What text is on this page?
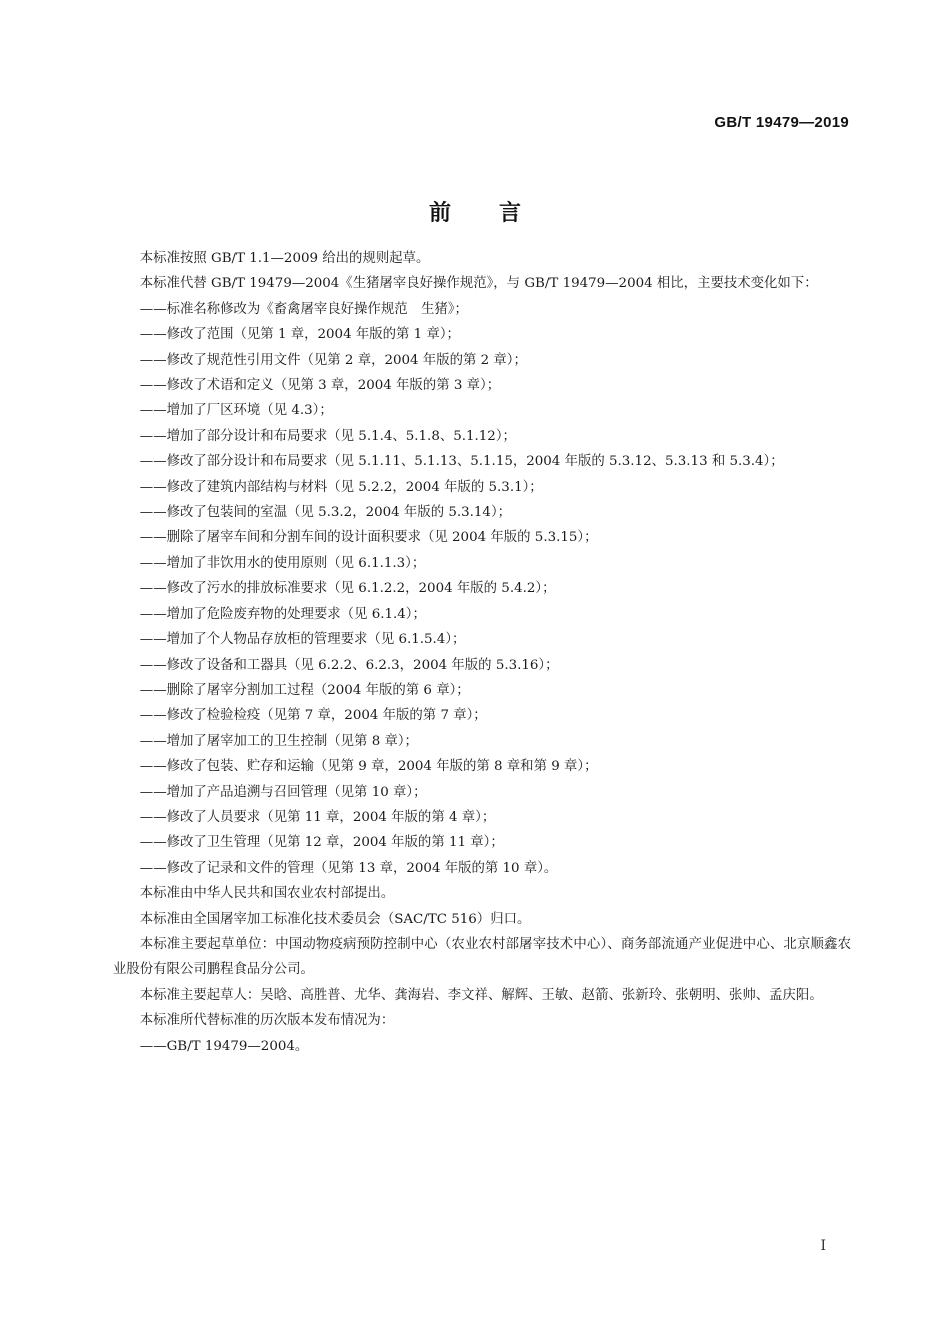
GB/T 19479—2019
前言

本标准按照 GB/T 1.1—2009 给出的规则起草。

本标准代替 GB/T 19479—2004《生猪屠宰良好操作规范》，与 GB/T 19479—2004 相比，主要技术变化如下：

——标准名称修改为《畜禽屠宰良好操作规范　生猪》；

——修改了范围（见第 1 章，2004 年版的第 1 章）；

——修改了规范性引用文件（见第 2 章，2004 年版的第 2 章）；

——修改了术语和定义（见第 3 章，2004 年版的第 3 章）；

——增加了厂区环境（见 4.3）；

——增加了部分设计和布局要求（见 5.1.4、5.1.8、5.1.12）；

——修改了部分设计和布局要求（见 5.1.11、5.1.13、5.1.15，2004 年版的 5.3.12、5.3.13 和 5.3.4）；

——修改了建筑内部结构与材料（见 5.2.2，2004 年版的 5.3.1）；

——修改了包装间的室温（见 5.3.2，2004 年版的 5.3.14）；

——删除了屠宰车间和分割车间的设计面积要求（见 2004 年版的 5.3.15）；

——增加了非饮用水的使用原则（见 6.1.1.3）；

——修改了污水的排放标准要求（见 6.1.2.2，2004 年版的 5.4.2）；

——增加了危险废弃物的处理要求（见 6.1.4）；

——增加了个人物品存放柜的管理要求（见 6.1.5.4）；

——修改了设备和工器具（见 6.2.2、6.2.3，2004 年版的 5.3.16）；

——删除了屠宰分割加工过程（2004 年版的第 6 章）；

——修改了检验检疫（见第 7 章，2004 年版的第 7 章）；

——增加了屠宰加工的卫生控制（见第 8 章）；

——修改了包装、贮存和运输（见第 9 章，2004 年版的第 8 章和第 9 章）；

——增加了产品追溯与召回管理（见第 10 章）；

——修改了人员要求（见第 11 章，2004 年版的第 4 章）；

——修改了卫生管理（见第 12 章，2004 年版的第 11 章）；

——修改了记录和文件的管理（见第 13 章，2004 年版的第 10 章）。

本标准由中华人民共和国农业农村部提出。

本标准由全国屠宰加工标准化技术委员会（SAC/TC 516）归口。

本标准主要起草单位：中国动物疫病预防控制中心（农业农村部屠宰技术中心）、商务部流通产业促进中心、北京顺鑫农业股份有限公司鹏程食品分公司。

本标准主要起草人：吴晗、高胜普、尤华、龚海岩、李文祥、解辉、王敏、赵箭、张新玲、张朝明、张帅、孟庆阳。

本标准所代替标准的历次版本发布情况为：

——GB/T 19479—2004。

I
